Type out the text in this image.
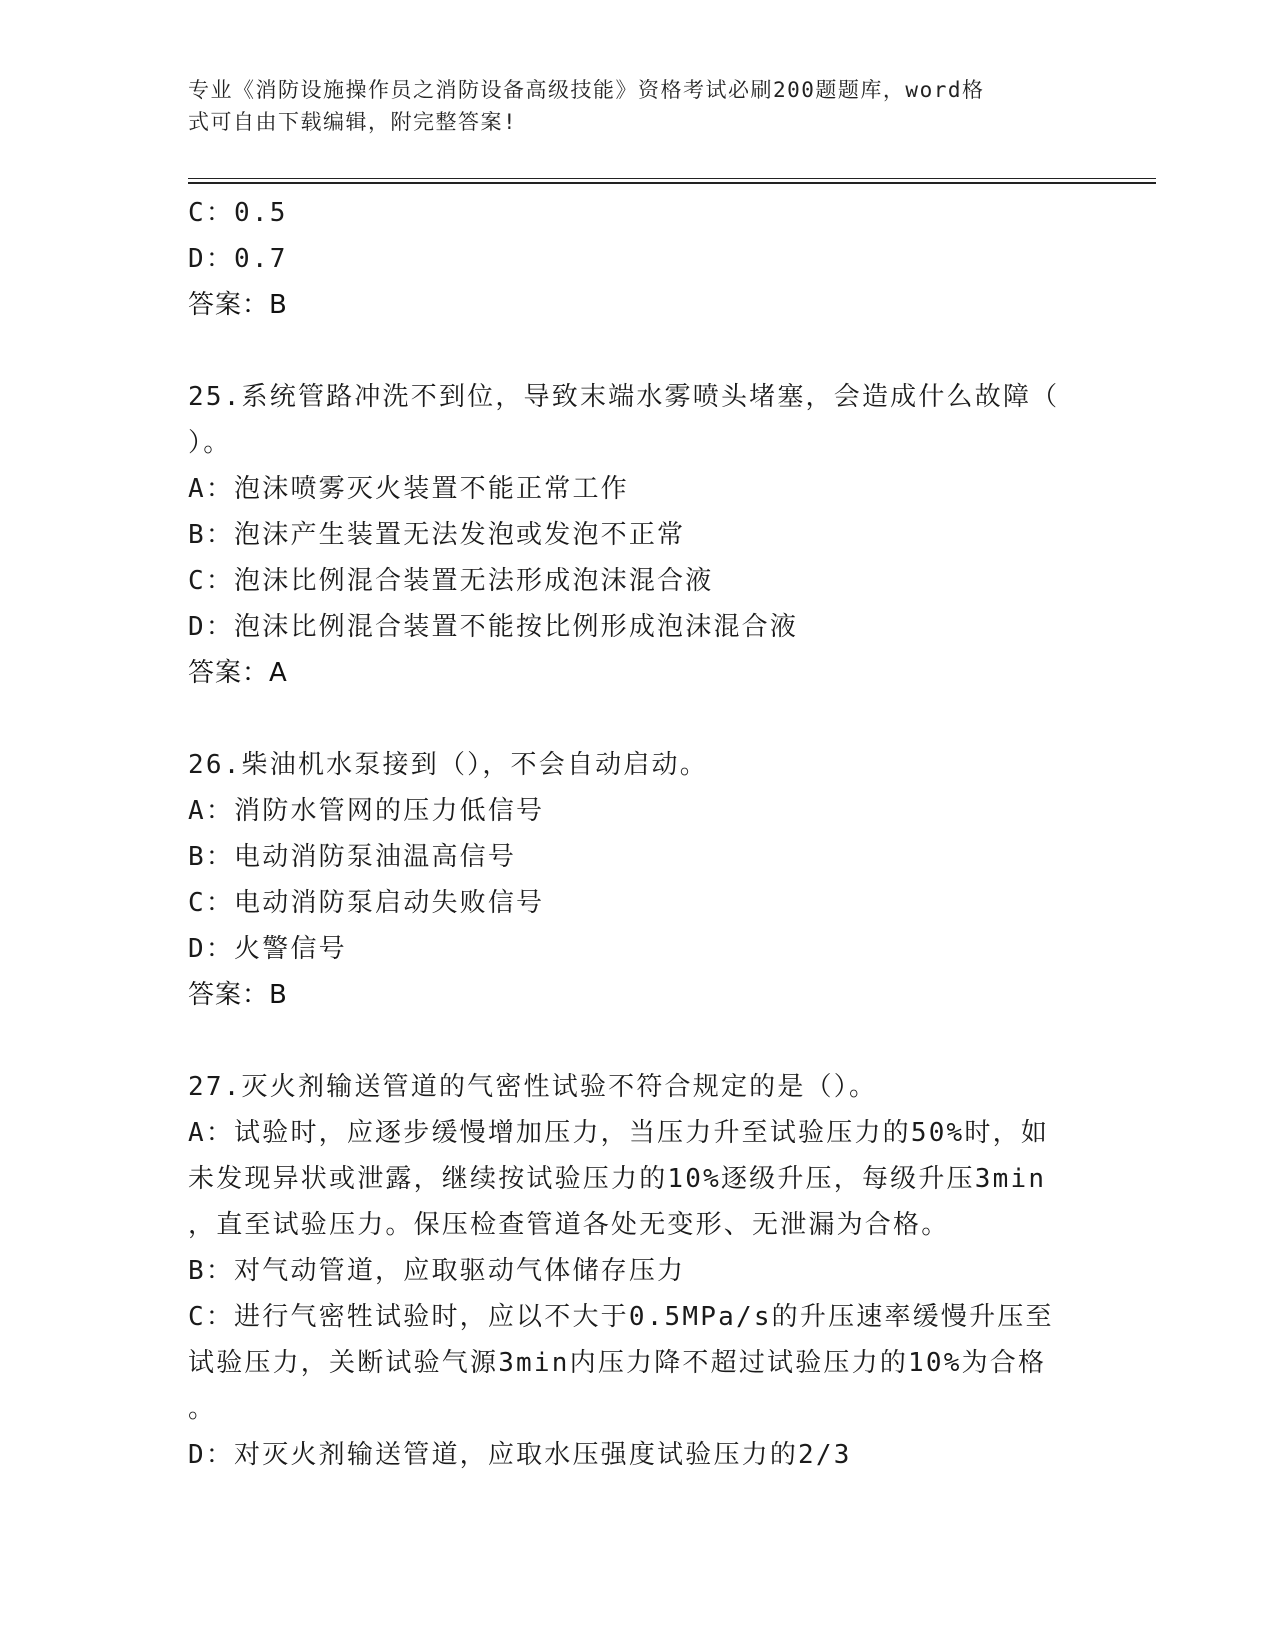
专业《消防设施操作员之消防设备高级技能》资格考试必刷200题题库，word格
式可自由下载编辑，附完整答案!
C：0.5
D：0.7
答案：B
25.系统管路冲洗不到位，导致末端水雾喷头堵塞，会造成什么故障（
）。
A：泡沫喷雾灭火装置不能正常工作
B：泡沫产生装置无法发泡或发泡不正常
C：泡沫比例混合装置无法形成泡沫混合液
D：泡沫比例混合装置不能按比例形成泡沫混合液
答案：A
26.柴油机水泵接到（），不会自动启动。
A：消防水管网的压力低信号
B：电动消防泵油温高信号
C：电动消防泵启动失败信号
D：火警信号
答案：B
27.灭火剂输送管道的气密性试验不符合规定的是（）。
A：试验时，应逐步缓慢增加压力，当压力升至试验压力的50%时，如
未发现异状或泄露，继续按试验压力的10%逐级升压，每级升压3min
，直至试验压力。保压检查管道各处无变形、无泄漏为合格。
B：对气动管道，应取驱动气体储存压力
C：进行气密牲试验时，应以不大于0.5MPa/s的升压速率缓慢升压至
试验压力，关断试验气源3min内压力降不超过试验压力的10%为合格
。
D：对灭火剂输送管道，应取水压强度试验压力的2/3
